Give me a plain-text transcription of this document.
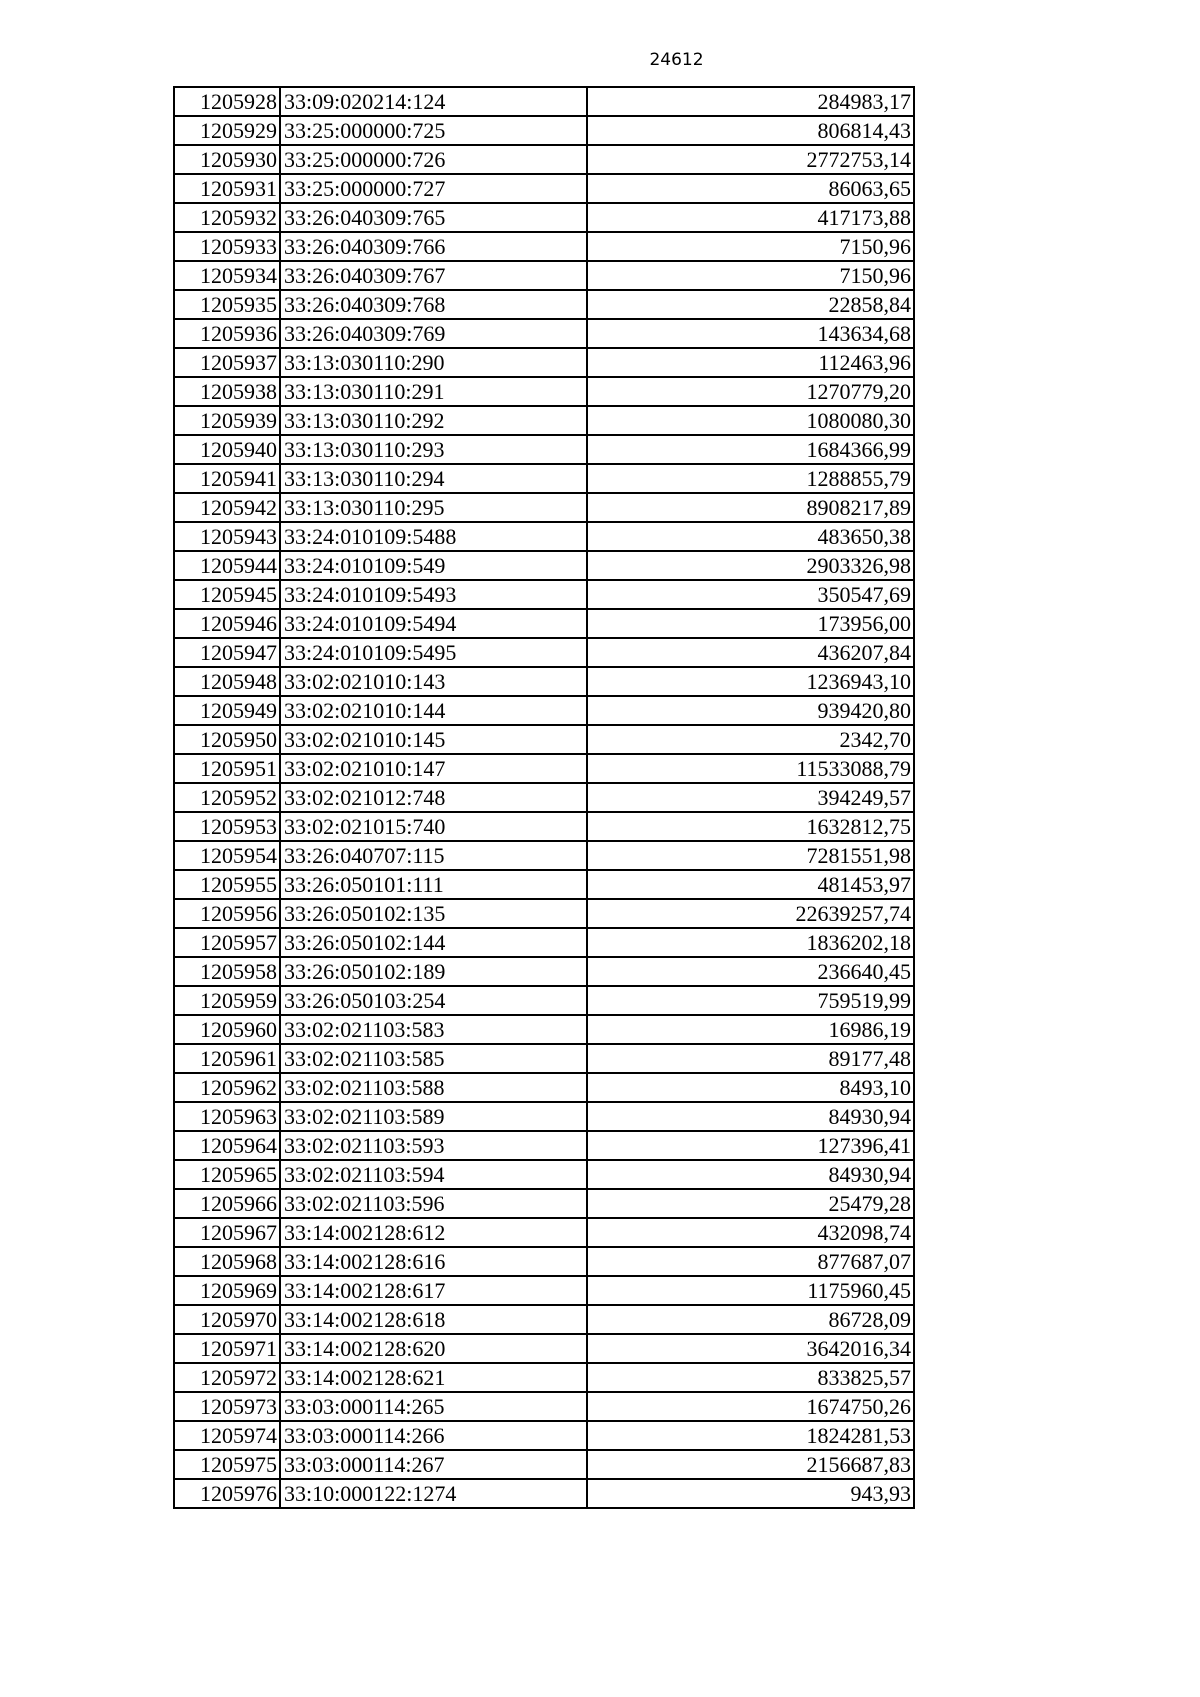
24612
1205928	33:09:020214:124	284983,17
1205929	33:25:000000:725	806814,43
1205930	33:25:000000:726	2772753,14
1205931	33:25:000000:727	86063,65
1205932	33:26:040309:765	417173,88
1205933	33:26:040309:766	7150,96
1205934	33:26:040309:767	7150,96
1205935	33:26:040309:768	22858,84
1205936	33:26:040309:769	143634,68
1205937	33:13:030110:290	112463,96
1205938	33:13:030110:291	1270779,20
1205939	33:13:030110:292	1080080,30
1205940	33:13:030110:293	1684366,99
1205941	33:13:030110:294	1288855,79
1205942	33:13:030110:295	8908217,89
1205943	33:24:010109:5488	483650,38
1205944	33:24:010109:549	2903326,98
1205945	33:24:010109:5493	350547,69
1205946	33:24:010109:5494	173956,00
1205947	33:24:010109:5495	436207,84
1205948	33:02:021010:143	1236943,10
1205949	33:02:021010:144	939420,80
1205950	33:02:021010:145	2342,70
1205951	33:02:021010:147	11533088,79
1205952	33:02:021012:748	394249,57
1205953	33:02:021015:740	1632812,75
1205954	33:26:040707:115	7281551,98
1205955	33:26:050101:111	481453,97
1205956	33:26:050102:135	22639257,74
1205957	33:26:050102:144	1836202,18
1205958	33:26:050102:189	236640,45
1205959	33:26:050103:254	759519,99
1205960	33:02:021103:583	16986,19
1205961	33:02:021103:585	89177,48
1205962	33:02:021103:588	8493,10
1205963	33:02:021103:589	84930,94
1205964	33:02:021103:593	127396,41
1205965	33:02:021103:594	84930,94
1205966	33:02:021103:596	25479,28
1205967	33:14:002128:612	432098,74
1205968	33:14:002128:616	877687,07
1205969	33:14:002128:617	1175960,45
1205970	33:14:002128:618	86728,09
1205971	33:14:002128:620	3642016,34
1205972	33:14:002128:621	833825,57
1205973	33:03:000114:265	1674750,26
1205974	33:03:000114:266	1824281,53
1205975	33:03:000114:267	2156687,83
1205976	33:10:000122:1274	943,93
